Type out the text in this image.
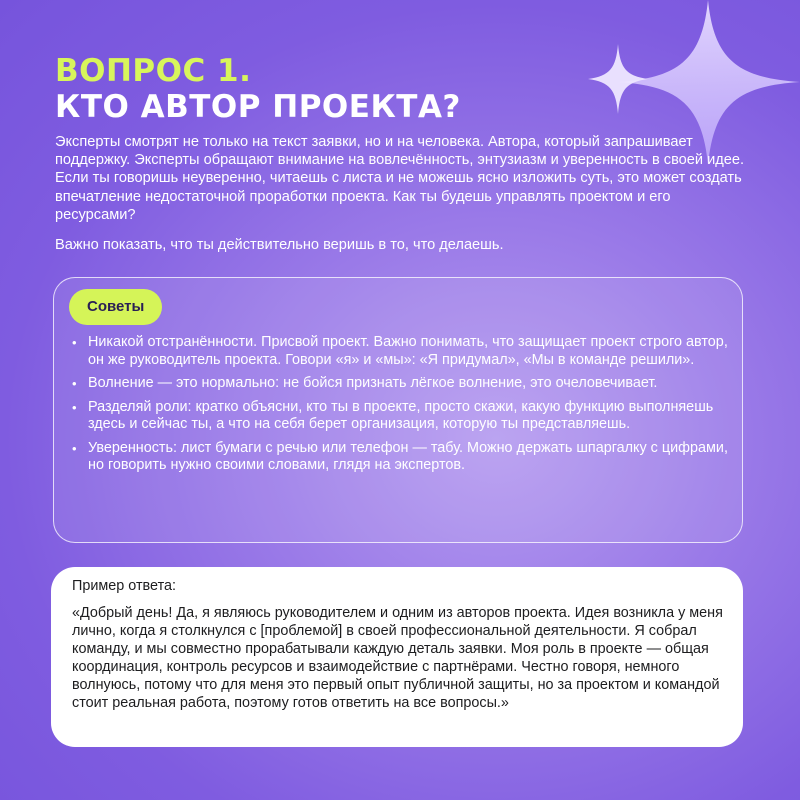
ВОПРОС 1.
КТО АВТОР ПРОЕКТА?

Эксперты смотрят не только на текст заявки, но и на человека. Автора, который запрашивает поддержку. Эксперты обращают внимание на вовлечённость, энтузиазм и уверенность в своей идее. Если ты говоришь неуверенно, читаешь с листа и не можешь ясно изложить суть, это может создать впечатление недостаточной проработки проекта. Как ты будешь управлять проектом и его ресурсами?

Важно показать, что ты действительно веришь в то, что делаешь.

Советы
• Никакой отстранённости. Присвой проект. Важно понимать, что защищает проект строго автор, он же руководитель проекта. Говори «я» и «мы»: «Я придумал», «Мы в команде решили».
• Волнение — это нормально: не бойся признать лёгкое волнение, это очеловечивает.
• Разделяй роли: кратко объясни, кто ты в проекте, просто скажи, какую функцию выполняешь здесь и сейчас ты, а что на себя берет организация, которую ты представляешь.
• Уверенность: лист бумаги с речью или телефон — табу. Можно держать шпаргалку с цифрами, но говорить нужно своими словами, глядя на экспертов.

Пример ответа:

«Добрый день! Да, я являюсь руководителем и одним из авторов проекта. Идея возникла у меня лично, когда я столкнулся с [проблемой] в своей профессиональной деятельности. Я собрал команду, и мы совместно прорабатывали каждую деталь заявки. Моя роль в проекте — общая координация, контроль ресурсов и взаимодействие с партнёрами. Честно говоря, немного волнуюсь, потому что для меня это первый опыт публичной защиты, но за проектом и командой стоит реальная работа, поэтому готов ответить на все вопросы.»
